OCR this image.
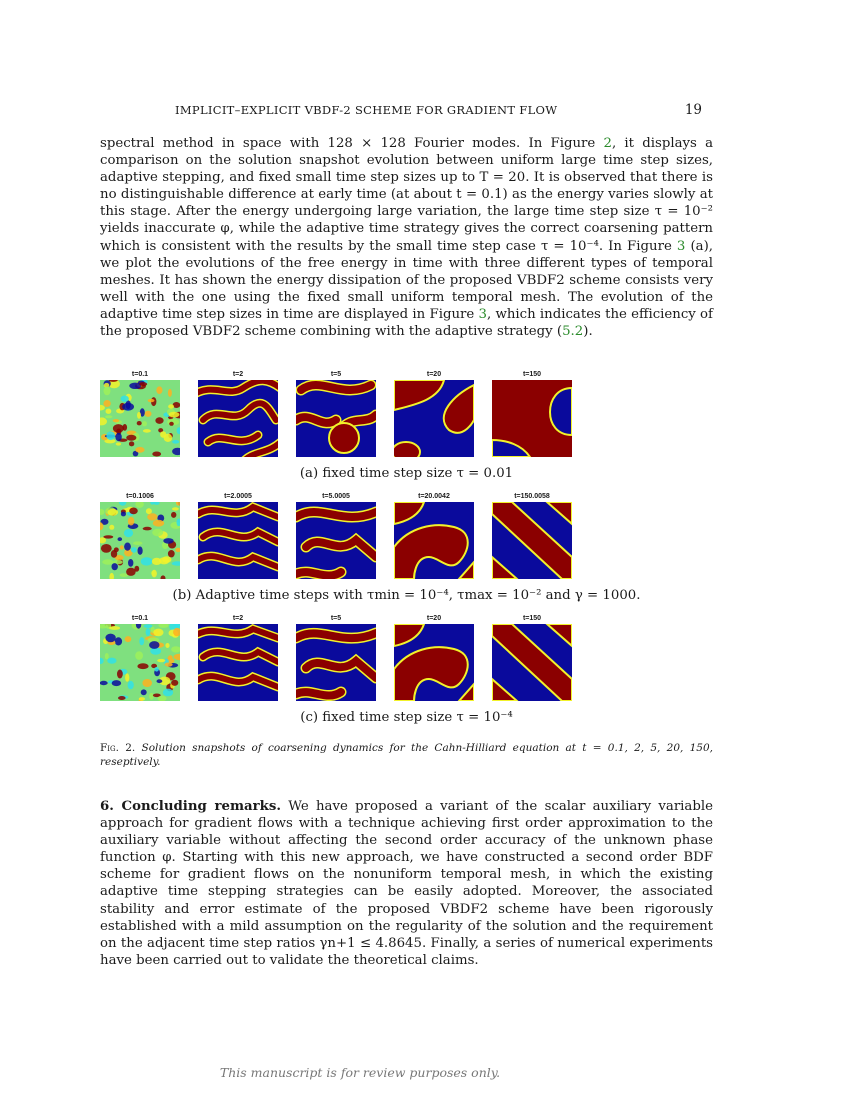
IMPLICIT–EXPLICIT VBDF-2 SCHEME FOR GRADIENT FLOW	19

spectral method in space with 128 × 128 Fourier modes. In Figure 2, it displays a comparison on the solution snapshot evolution between uniform large time step sizes, adaptive stepping, and fixed small time step sizes up to T = 20. It is observed that there is no distinguishable difference at early time (at about t = 0.1) as the energy varies slowly at this stage. After the energy undergoing large variation, the large time step size τ = 10⁻² yields inaccurate φ, while the adaptive time strategy gives the correct coarsening pattern which is consistent with the results by the small time step case τ = 10⁻⁴. In Figure 3 (a), we plot the evolutions of the free energy in time with three different types of temporal meshes. It has shown the energy dissipation of the proposed VBDF2 scheme consists very well with the one using the fixed small uniform temporal mesh. The evolution of the adaptive time step sizes in time are displayed in Figure 3, which indicates the efficiency of the proposed VBDF2 scheme combining with the adaptive strategy (5.2).

t=0.1	t=2	t=5	t=20	t=150
(a) fixed time step size τ = 0.01
t=0.1006	t=2.0005	t=5.0005	t=20.0042	t=150.0058
(b) Adaptive time steps with τmin = 10⁻⁴, τmax = 10⁻² and γ = 1000.
t=0.1	t=2	t=5	t=20	t=150
(c) fixed time step size τ = 10⁻⁴

Fig. 2. Solution snapshots of coarsening dynamics for the Cahn-Hilliard equation at t = 0.1, 2, 5, 20, 150, reseptively.

6. Concluding remarks. We have proposed a variant of the scalar auxiliary variable approach for gradient flows with a technique achieving first order approximation to the auxiliary variable without affecting the second order accuracy of the unknown phase function φ. Starting with this new approach, we have constructed a second order BDF scheme for gradient flows on the nonuniform temporal mesh, in which the existing adaptive time stepping strategies can be easily adopted. Moreover, the associated stability and error estimate of the proposed VBDF2 scheme have been rigorously established with a mild assumption on the regularity of the solution and the requirement on the adjacent time step ratios γn+1 ≤ 4.8645. Finally, a series of numerical experiments have been carried out to validate the theoretical claims.

This manuscript is for review purposes only.
